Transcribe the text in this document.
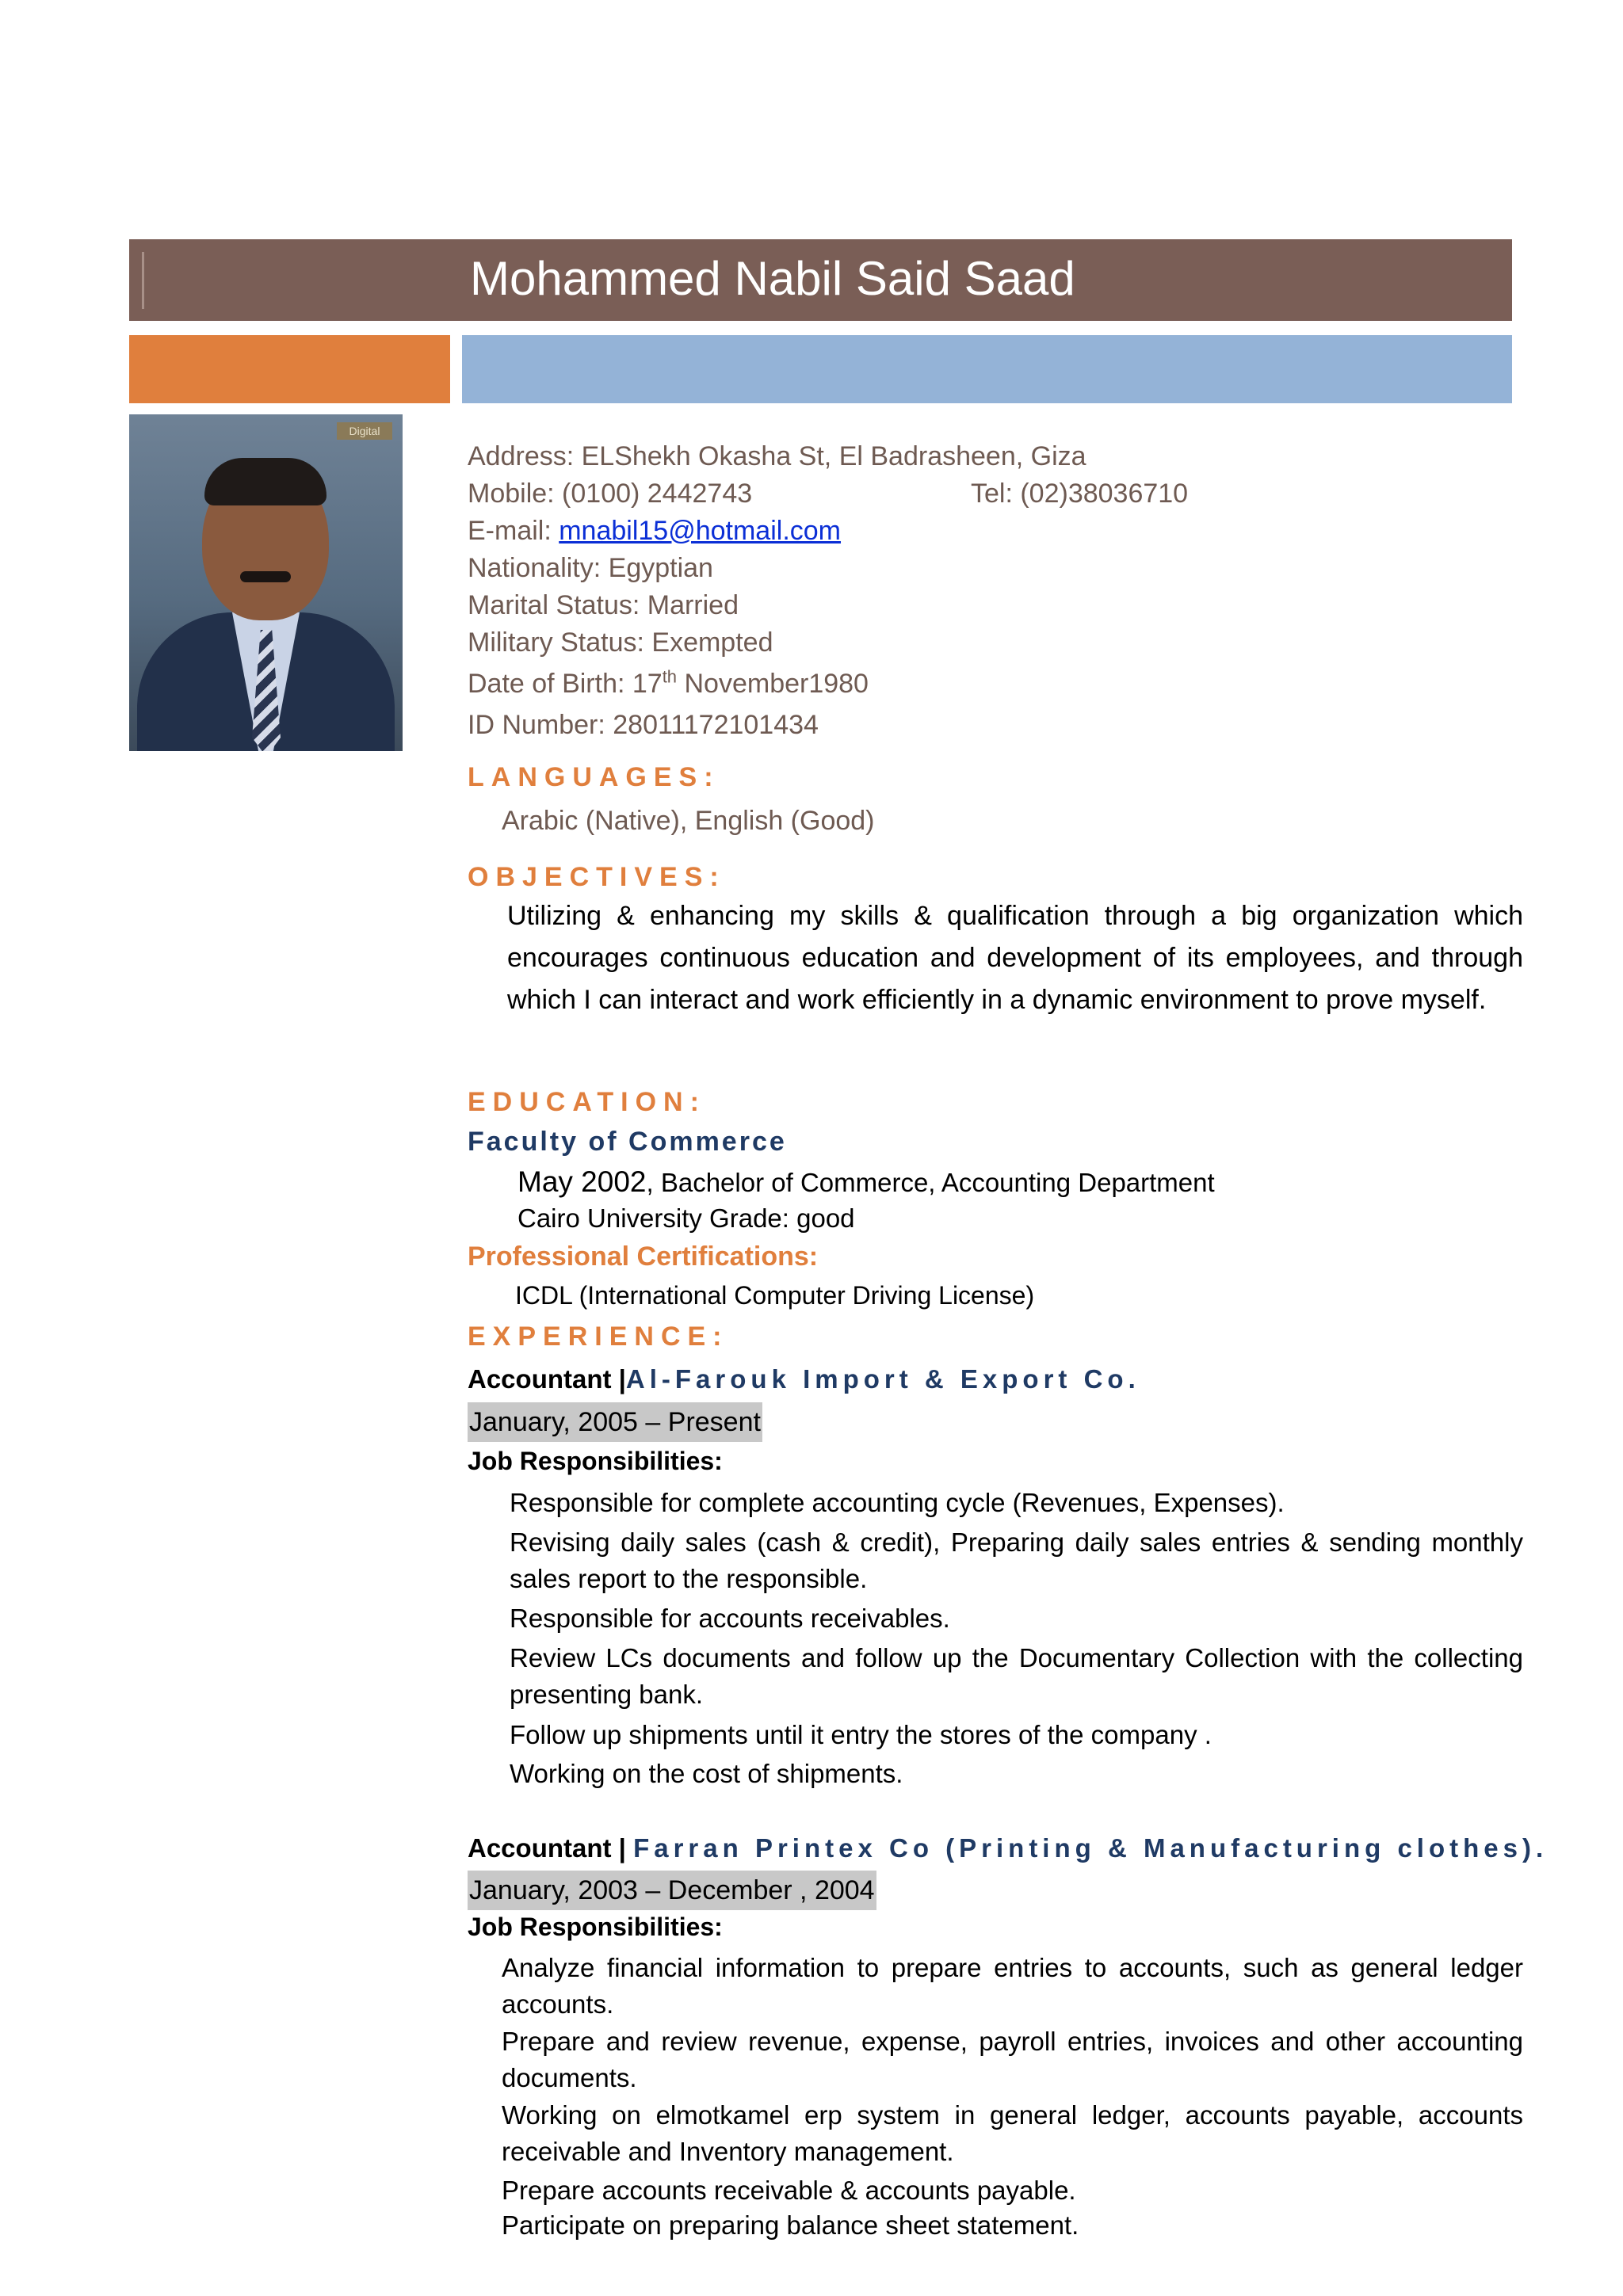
Mohammed Nabil Said Saad
Digital
Address: ELShekh Okasha St, El Badrasheen, Giza
Mobile: (0100) 2442743	Tel: (02)38036710
E-mail: mnabil15@hotmail.com
Nationality: Egyptian
Marital Status: Married
Military Status: Exempted
Date of Birth: 17th November1980
ID Number: 28011172101434
LANGUAGES:
Arabic (Native), English (Good)
OBJECTIVES:
Utilizing & enhancing my skills & qualification through a big organization which encourages continuous education and development of its employees, and through which I can interact and work efficiently in a dynamic environment to prove myself.
EDUCATION:
Faculty of Commerce
May 2002, Bachelor of Commerce, Accounting Department
Cairo University Grade: good
Professional Certifications:
ICDL (International Computer Driving License)
EXPERIENCE:
Accountant |Al-Farouk Import & Export Co.
January, 2005 – Present
Job Responsibilities:
Responsible for complete accounting cycle (Revenues, Expenses).
Revising daily sales (cash & credit), Preparing daily sales entries & sending monthly sales report to the responsible.
Responsible for accounts receivables.
Review LCs documents and follow up the Documentary Collection with the collecting presenting bank.
Follow up shipments until it entry the stores of the company .
Working on the cost of shipments.
Accountant | Farran Printex Co (Printing & Manufacturing clothes).
January, 2003 – December , 2004
Job Responsibilities:
Analyze financial information to prepare entries to accounts, such as general ledger accounts.
Prepare and review revenue, expense, payroll entries, invoices and other accounting documents.
Working on elmotkamel erp system in general ledger, accounts payable, accounts receivable and Inventory management.
Prepare accounts receivable & accounts payable.
Participate on preparing balance sheet statement.
